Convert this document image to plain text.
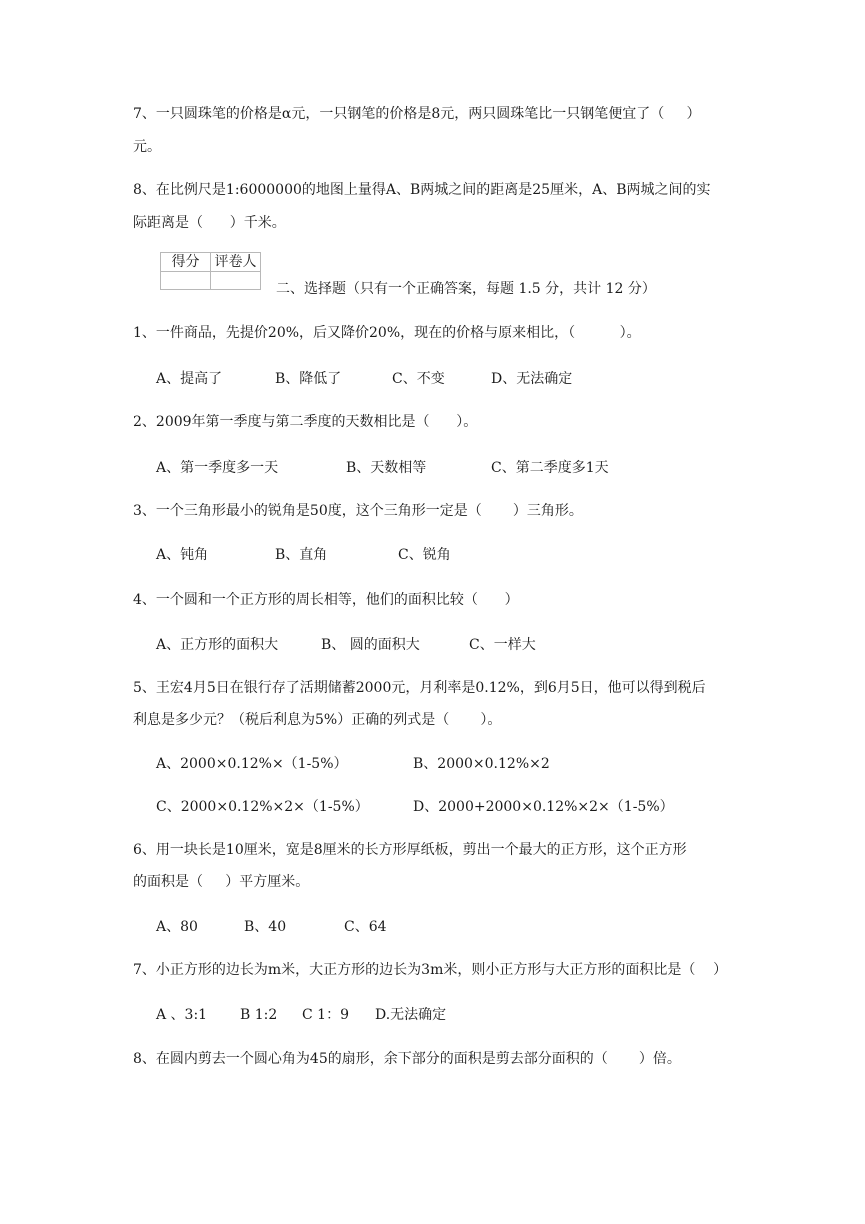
7、一只圆珠笔的价格是α元，一只钢笔的价格是8元，两只圆珠笔比一只钢笔便宜了（     ）
元。
8、在比例尺是1:6000000的地图上量得A、B两城之间的距离是25厘米，A、B两城之间的实
际距离是（      ）千米。
得分	评卷人

二、选择题（只有一个正确答案，每题 1.5 分，共计 12 分）
1、一件商品，先提价20%，后又降价20%，现在的价格与原来相比，（          ）。
A、提高了	B、降低了	C、不变	D、无法确定
2、2009年第一季度与第二季度的天数相比是（      ）。
A、第一季度多一天	B、天数相等	C、第二季度多1天
3、一个三角形最小的锐角是50度，这个三角形一定是（       ）三角形。
A、钝角	B、直角	C、锐角
4、一个圆和一个正方形的周长相等，他们的面积比较（      ）
A、正方形的面积大	B、 圆的面积大	C、一样大
5、王宏4月5日在银行存了活期储蓄2000元，月利率是0.12%，到6月5日，他可以得到税后
利息是多少元？（税后利息为5%）正确的列式是（       ）。
A、2000×0.12%×（1-5%）	B、2000×0.12%×2
C、2000×0.12%×2×（1-5%）	D、2000+2000×0.12%×2×（1-5%）
6、用一块长是10厘米，宽是8厘米的长方形厚纸板，剪出一个最大的正方形，这个正方形
的面积是（     ）平方厘米。
A、80	B、40	C、64
7、小正方形的边长为m米，大正方形的边长为3m米，则小正方形与大正方形的面积比是（    ）
A 、3:1 B 1:2 C 1：9 D.无法确定
8、在圆内剪去一个圆心角为45的扇形，余下部分的面积是剪去部分面积的（       ）倍。
